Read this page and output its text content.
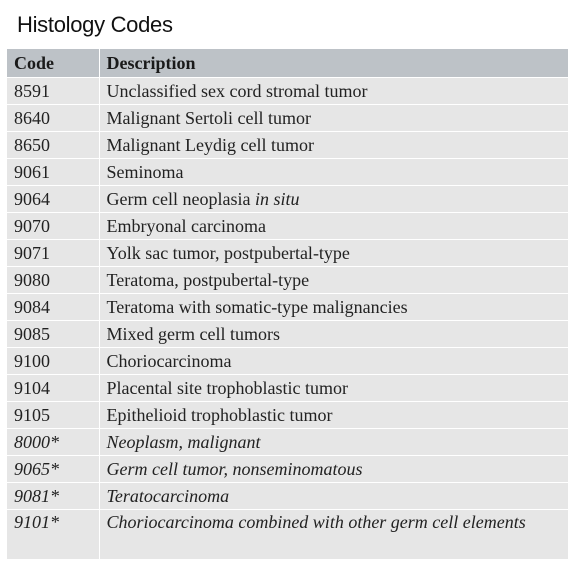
Histology Codes
Code	Description
8591	Unclassified sex cord stromal tumor
8640	Malignant Sertoli cell tumor
8650	Malignant Leydig cell tumor
9061	Seminoma
9064	Germ cell neoplasia in situ
9070	Embryonal carcinoma
9071	Yolk sac tumor, postpubertal-type
9080	Teratoma, postpubertal-type
9084	Teratoma with somatic-type malignancies
9085	Mixed germ cell tumors
9100	Choriocarcinoma
9104	Placental site trophoblastic tumor
9105	Epithelioid trophoblastic tumor
8000*	Neoplasm, malignant
9065*	Germ cell tumor, nonseminomatous
9081*	Teratocarcinoma
9101*	Choriocarcinoma combined with other germ cell elements
